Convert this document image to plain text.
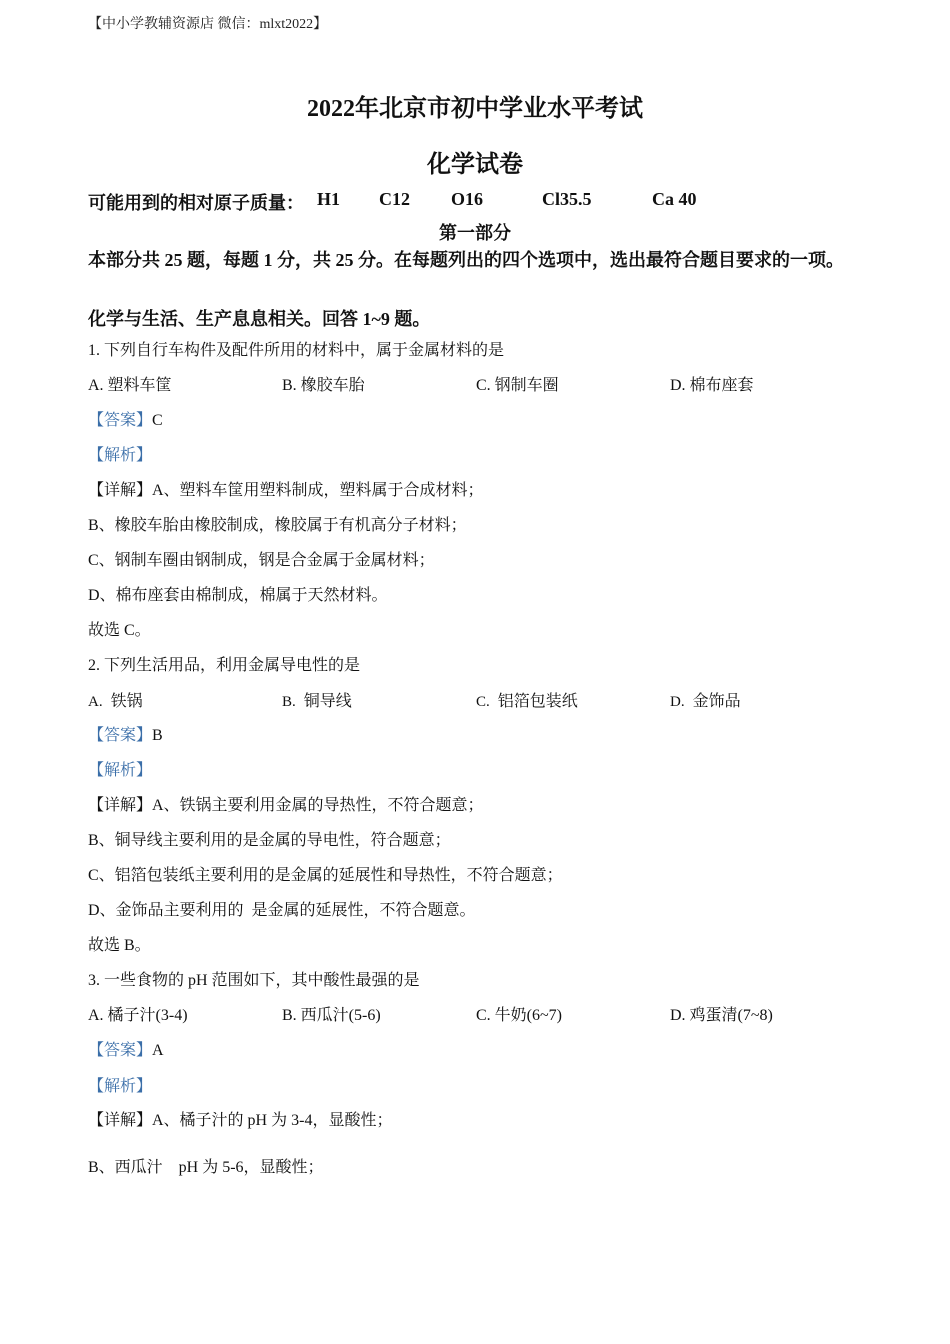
【中小学教辅资源店 微信：mlxt2022】
2022年北京市初中学业水平考试
化学试卷
可能用到的相对原子质量： H1 C12 O16	Cl35.5	Ca 40
第一部分
本部分共 25 题，每题 1 分，共 25 分。在每题列出的四个选项中，选出最符合题目要求的一项。
化学与生活、生产息息相关。回答 1~9 题。
1. 下列自行车构件及配件所用的材料中，属于金属材料的是
A. 塑料车筐	B. 橡胶车胎	C. 钢制车圈	D. 棉布座套
【答案】C
【解析】
【详解】A、塑料车筐用塑料制成，塑料属于合成材料；
B、橡胶车胎由橡胶制成，橡胶属于有机高分子材料；
C、钢制车圈由钢制成，钢是合金属于金属材料；
D、棉布座套由棉制成，棉属于天然材料。
故选 C。
2. 下列生活用品，利用金属导电性的是
A. 铁锅	B. 铜导线	C. 铝箔包装纸	D. 金饰品
【答案】B
【解析】
【详解】A、铁锅主要利用金属的导热性，不符合题意；
B、铜导线主要利用的是金属的导电性，符合题意；
C、铝箔包装纸主要利用的是金属的延展性和导热性，不符合题意；
D、金饰品主要利用的  是金属的延展性，不符合题意。
故选 B。
3. 一些食物的 pH 范围如下，其中酸性最强的是
A. 橘子汁(3-4)	B. 西瓜汁(5-6)	C. 牛奶(6~7)	D. 鸡蛋清(7~8)
【答案】A
【解析】
【详解】A、橘子汁的 pH 为 3-4，显酸性；
B、西瓜汁    pH 为 5-6，显酸性；
